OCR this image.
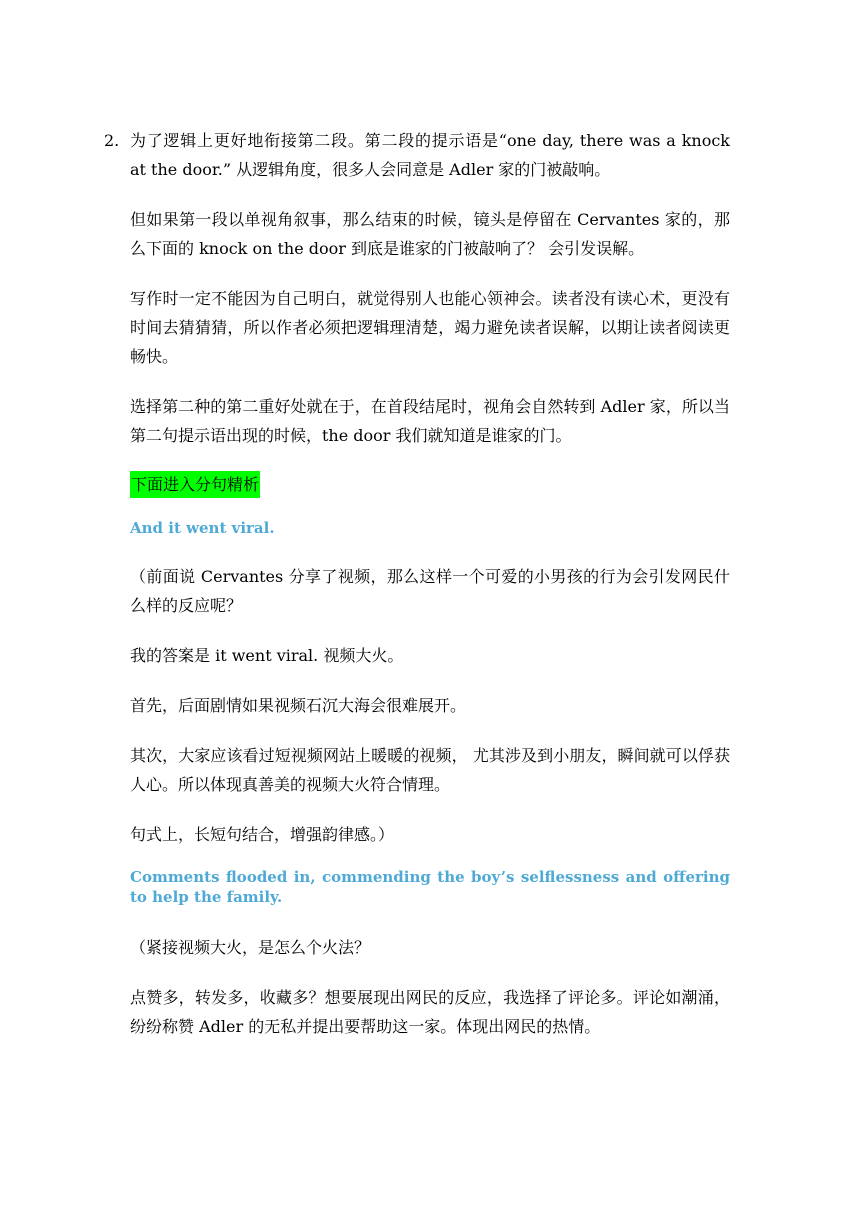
2. 为了逻辑上更好地衔接第二段。第二段的提示语是“one day, there was a knock at the door.” 从逻辑角度，很多人会同意是 Adler 家的门被敲响。

但如果第一段以单视角叙事，那么结束的时候，镜头是停留在 Cervantes 家的，那么下面的 knock on the door 到底是谁家的门被敲响了？ 会引发误解。

写作时一定不能因为自己明白，就觉得别人也能心领神会。读者没有读心术，更没有时间去猜猜猜，所以作者必须把逻辑理清楚，竭力避免读者误解，以期让读者阅读更畅快。

选择第二种的第二重好处就在于，在首段结尾时，视角会自然转到 Adler 家，所以当第二句提示语出现的时候，the door 我们就知道是谁家的门。

下面进入分句精析

And it went viral.

（前面说 Cervantes 分享了视频，那么这样一个可爱的小男孩的行为会引发网民什么样的反应呢？

我的答案是 it went viral. 视频大火。

首先，后面剧情如果视频石沉大海会很难展开。

其次，大家应该看过短视频网站上暖暖的视频， 尤其涉及到小朋友，瞬间就可以俘获人心。所以体现真善美的视频大火符合情理。

句式上，长短句结合，增强韵律感。）

Comments flooded in, commending the boy’s selflessness and offering to help the family.

（紧接视频大火，是怎么个火法？

点赞多，转发多，收藏多？想要展现出网民的反应，我选择了评论多。评论如潮涌，纷纷称赞 Adler 的无私并提出要帮助这一家。体现出网民的热情。
